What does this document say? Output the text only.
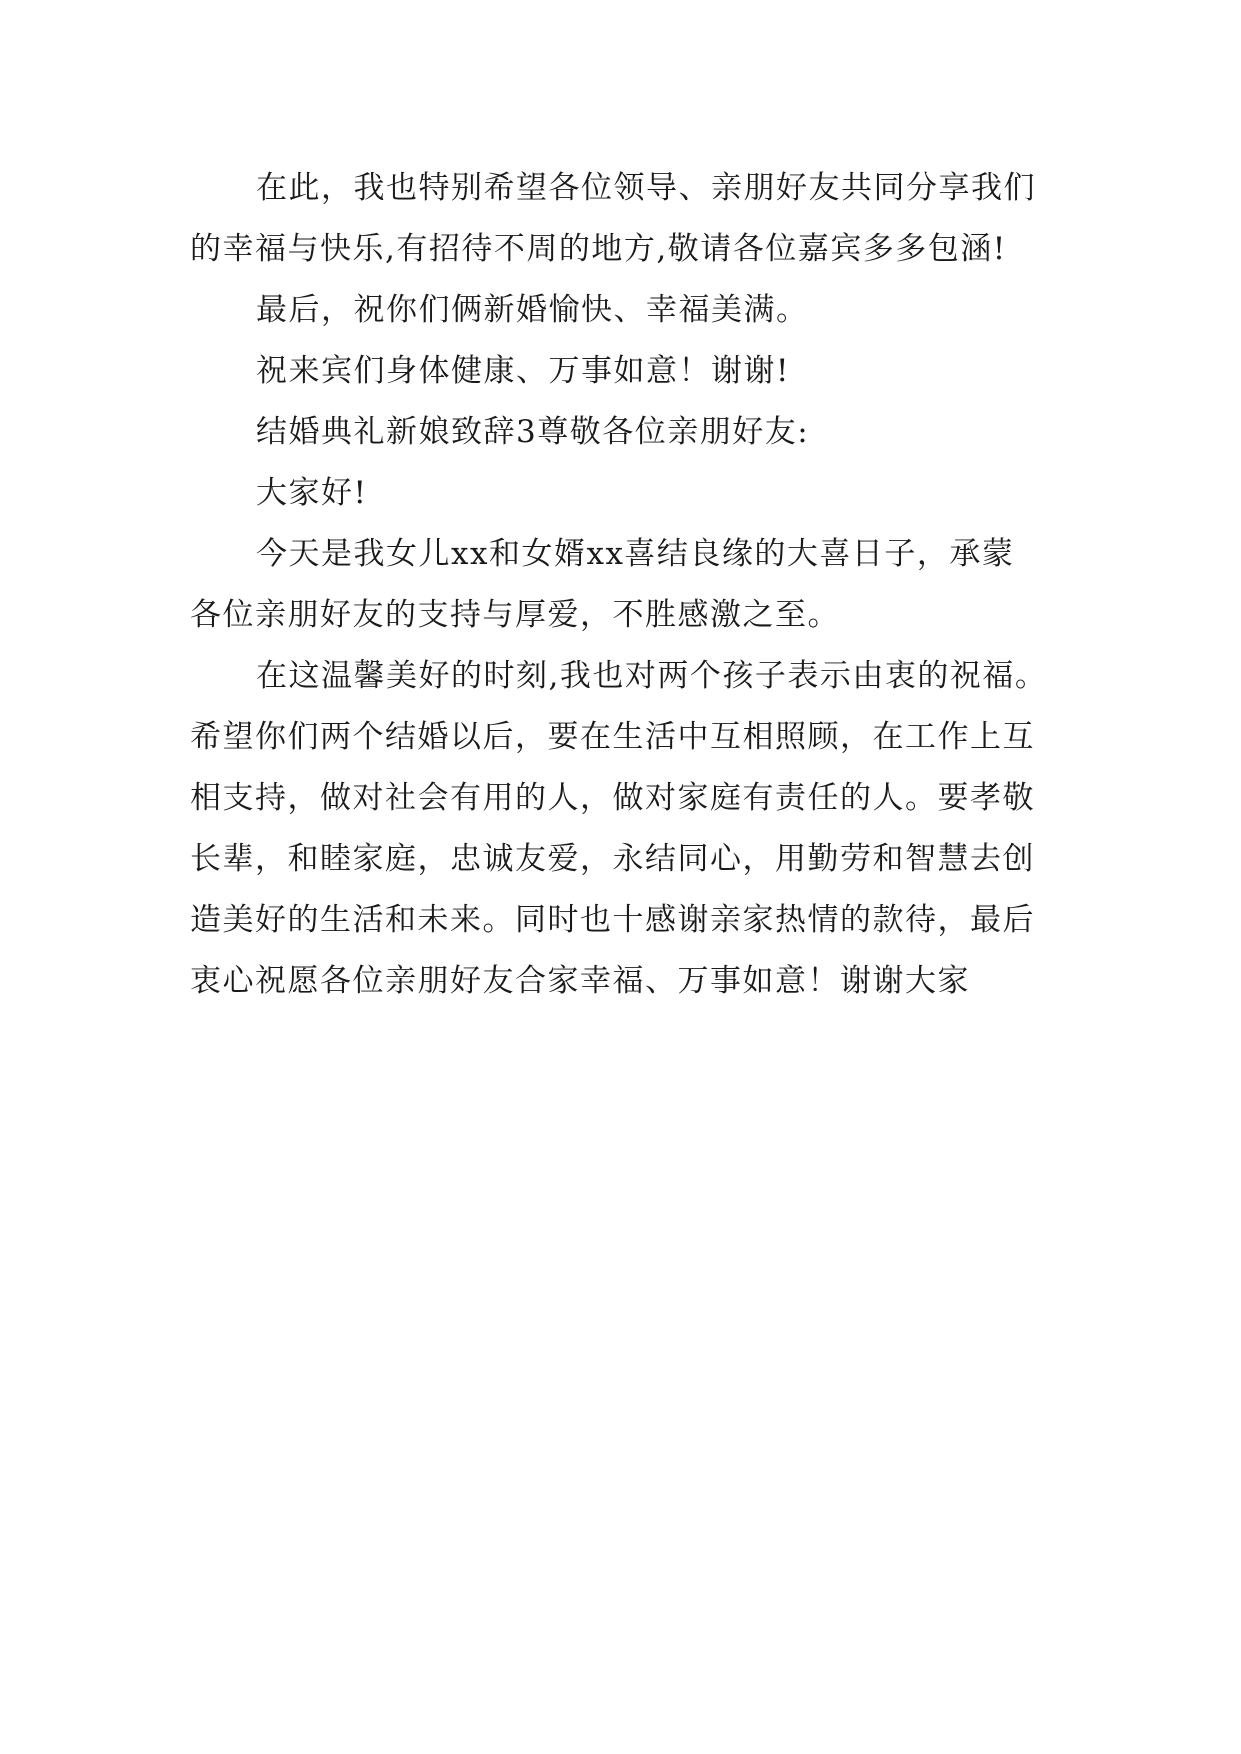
在此，我也特别希望各位领导、亲朋好友共同分享我们
的幸福与快乐,有招待不周的地方,敬请各位嘉宾多多包涵!
最后，祝你们俩新婚愉快、幸福美满。
祝来宾们身体健康、万事如意！谢谢!
结婚典礼新娘致辞3尊敬各位亲朋好友:
大家好!
今天是我女儿xx和女婿xx喜结良缘的大喜日子，承蒙
各位亲朋好友的支持与厚爱，不胜感激之至。
在这温馨美好的时刻,我也对两个孩子表示由衷的祝福。
希望你们两个结婚以后，要在生活中互相照顾，在工作上互
相支持，做对社会有用的人，做对家庭有责任的人。要孝敬
长辈，和睦家庭，忠诚友爱，永结同心，用勤劳和智慧去创
造美好的生活和未来。同时也十感谢亲家热情的款待，最后
衷心祝愿各位亲朋好友合家幸福、万事如意！谢谢大家
